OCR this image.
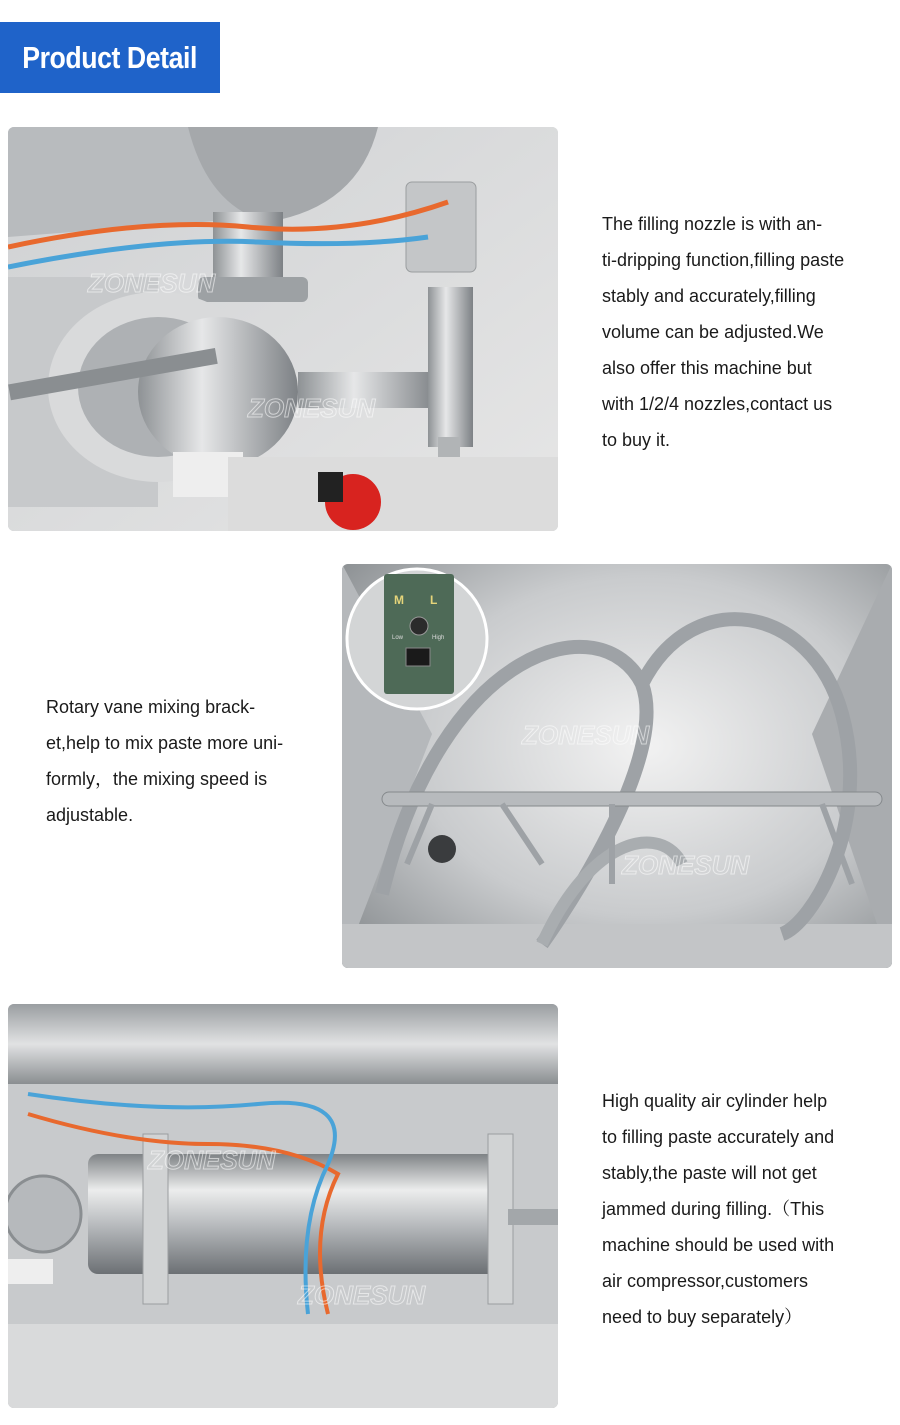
Product Detail
ZONESUN
ZONESUN
The filling nozzle is with an-
ti-dripping function,filling paste
stably and accurately,filling
volume can be adjusted.We
also offer this machine but
with 1/2/4 nozzles,contact us
to buy it.
Rotary vane mixing brack-
et,help to mix paste more uni-
formly，the mixing speed is
adjustable.
M L
Low	High
ZONESUN
ZONESUN
ZONESUN
ZONESUN
High quality air cylinder help
to filling paste accurately and
stably,the paste will not get
jammed during filling.（This
machine should be used with
air compressor,customers
need to buy separately）
